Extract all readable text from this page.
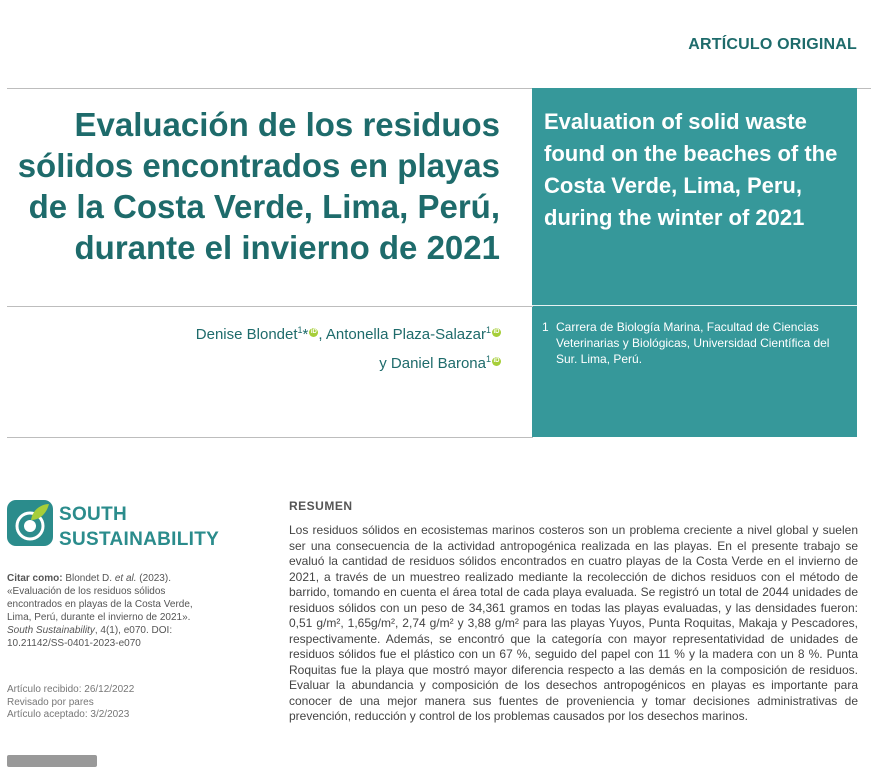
ARTÍCULO ORIGINAL
Evaluación de los residuos sólidos encontrados en playas de la Costa Verde, Lima, Perú, durante el invierno de 2021
Evaluation of solid waste found on the beaches of the Costa Verde, Lima, Peru, during the winter of 2021
1 Carrera de Biología Marina, Facultad de Ciencias Veterinarias y Biológicas, Universidad Científica del Sur. Lima, Perú.
Denise Blondet$^1$* iD , Antonella Plaza-Salazar$^1$ iD
y Daniel Barona$^1$ iD
SOUTH
SUSTAINABILITY
Citar como: Blondet D. et al. (2023). «Evaluación de los residuos sólidos encontrados en playas de la Costa Verde, Lima, Perú, durante el invierno de 2021». South Sustainability, 4(1), e070. DOI: 10.21142/SS-0401-2023-e070
Artículo recibido: 26/12/2022
Revisado por pares
Artículo aceptado: 3/2/2023
RESUMEN
Los residuos sólidos en ecosistemas marinos costeros son un problema creciente a nivel global y suelen ser una consecuencia de la actividad antropogénica realizada en las playas. En el presente trabajo se evaluó la cantidad de residuos sólidos encontrados en cuatro playas de la Costa Verde en el invierno de 2021, a través de un muestreo realizado mediante la recolección de dichos residuos con el método de barrido, tomando en cuenta el área total de cada playa evaluada. Se registró un total de 2044 unidades de residuos sólidos con un peso de 34,361 gramos en todas las playas evaluadas, y las densidades fueron: 0,51 g/m², 1,65g/m², 2,74 g/m² y 3,88 g/m² para las playas Yuyos, Punta Roquitas, Makaja y Pescadores, respectivamente. Además, se encontró que la categoría con mayor representatividad de unidades de residuos sólidos fue el plástico con un 67 %, seguido del papel con 11 % y la madera con un 8 %. Punta Roquitas fue la playa que mostró mayor diferencia respecto a las demás en la composición de residuos. Evaluar la abundancia y composición de los desechos antropogénicos en playas es importante para conocer de una mejor manera sus fuentes de proveniencia y tomar decisiones administrativas de prevención, reducción y control de los problemas causados por los desechos marinos.
